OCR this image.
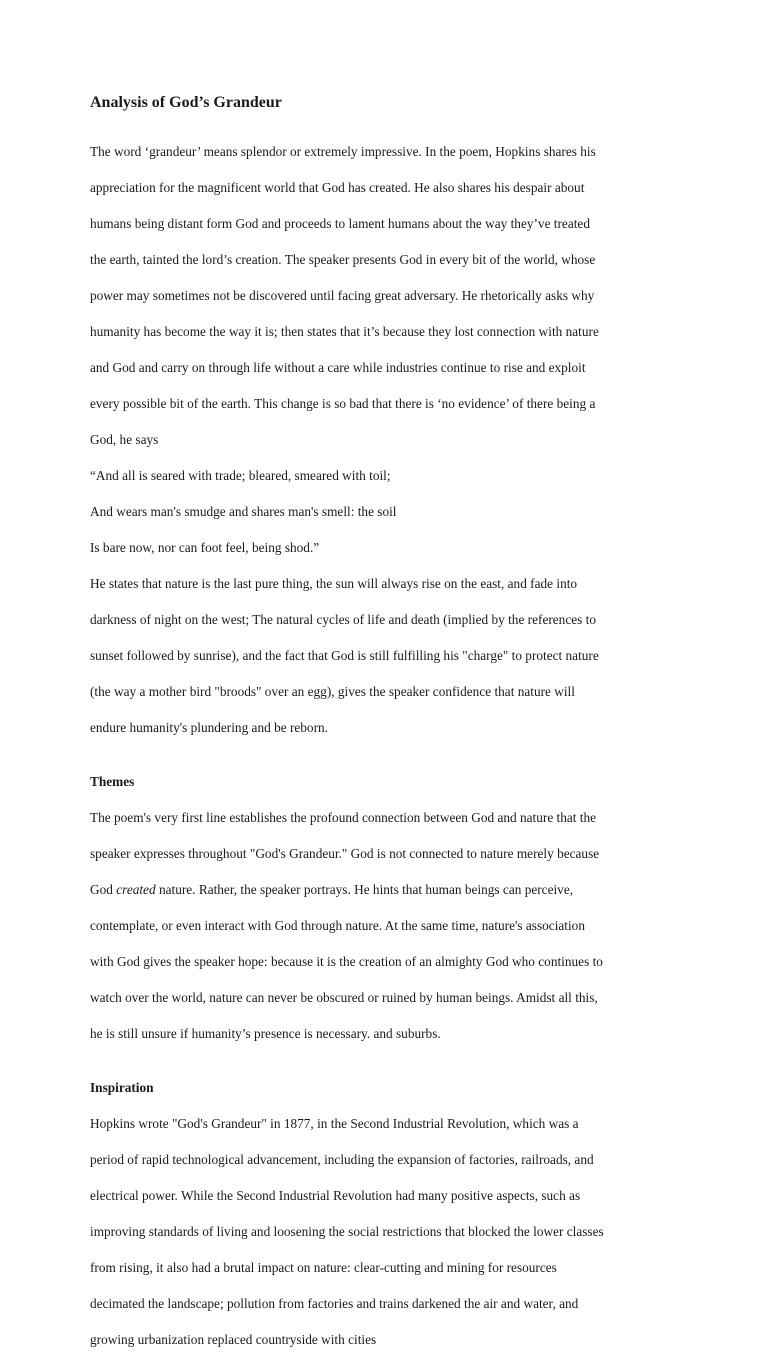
Analysis of God’s Grandeur

The word ‘grandeur’ means splendor or extremely impressive. In the poem, Hopkins shares his

appreciation for the magnificent world that God has created. He also shares his despair about

humans being distant form God and proceeds to lament humans about the way they’ve treated

the earth, tainted the lord’s creation. The speaker presents God in every bit of the world, whose

power may sometimes not be discovered until facing great adversary. He rhetorically asks why

humanity has become the way it is; then states that it’s because they lost connection with nature

and God and carry on through life without a care while industries continue to rise and exploit

every possible bit of the earth. This change is so bad that there is ‘no evidence’ of there being a

God, he says

“And all is seared with trade; bleared, smeared with toil;

And wears man's smudge and shares man's smell: the soil

Is bare now, nor can foot feel, being shod.”

He states that nature is the last pure thing, the sun will always rise on the east, and fade into

darkness of night on the west; The natural cycles of life and death (implied by the references to

sunset followed by sunrise), and the fact that God is still fulfilling his "charge" to protect nature

(the way a mother bird "broods" over an egg), gives the speaker confidence that nature will

endure humanity's plundering and be reborn.

Themes

The poem's very first line establishes the profound connection between God and nature that the

speaker expresses throughout "God's Grandeur." God is not connected to nature merely because

God created nature. Rather, the speaker portrays. He hints that human beings can perceive,

contemplate, or even interact with God through nature. At the same time, nature's association

with God gives the speaker hope: because it is the creation of an almighty God who continues to

watch over the world, nature can never be obscured or ruined by human beings. Amidst all this,

he is still unsure if humanity’s presence is necessary. and suburbs.

Inspiration

Hopkins wrote "God's Grandeur" in 1877, in the Second Industrial Revolution, which was a

period of rapid technological advancement, including the expansion of factories, railroads, and

electrical power. While the Second Industrial Revolution had many positive aspects, such as

improving standards of living and loosening the social restrictions that blocked the lower classes

from rising, it also had a brutal impact on nature: clear-cutting and mining for resources

decimated the landscape; pollution from factories and trains darkened the air and water, and

growing urbanization replaced countryside with cities
